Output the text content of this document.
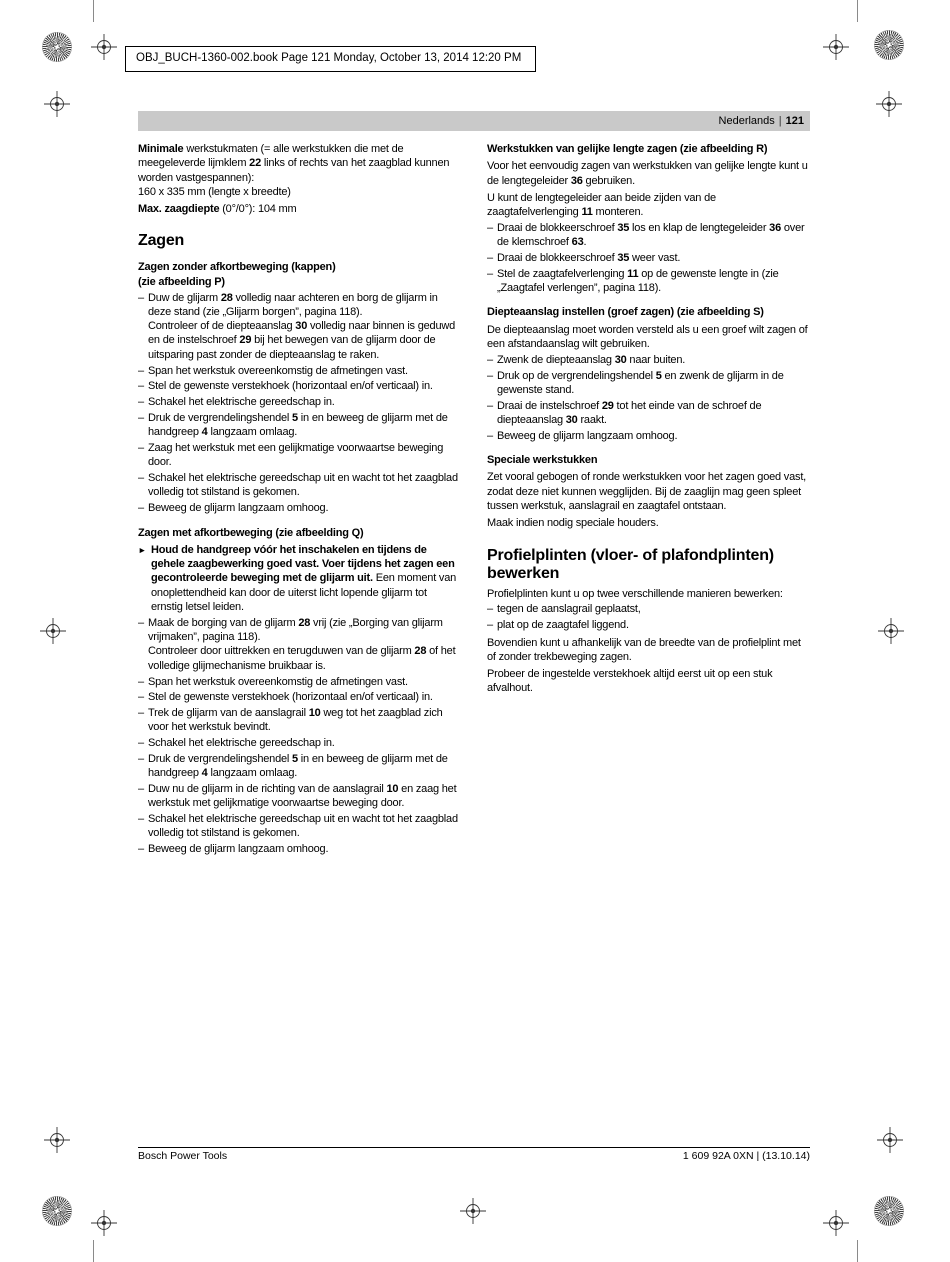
OBJ_BUCH-1360-002.book Page 121 Monday, October 13, 2014 12:20 PM
Nederlands | 121
Minimale werkstukmaten (= alle werkstukken die met de meegeleverde lijmklem 22 links of rechts van het zaagblad kunnen worden vastgespannen):
160 x 335 mm (lengte x breedte)
Max. zaagdiepte (0°/0°): 104 mm
Zagen
Zagen zonder afkortbeweging (kappen)
(zie afbeelding P)
– Duw de glijarm 28 volledig naar achteren en borg de glijarm in deze stand (zie „Glijarm borgen”, pagina 118).
Controleer of de diepteaanslag 30 volledig naar binnen is geduwd en de instelschroef 29 bij het bewegen van de glijarm door de uitsparing past zonder de diepteaanslag te raken.
– Span het werkstuk overeenkomstig de afmetingen vast.
– Stel de gewenste verstekhoek (horizontaal en/of verticaal) in.
– Schakel het elektrische gereedschap in.
– Druk de vergrendelingshendel 5 in en beweeg de glijarm met de handgreep 4 langzaam omlaag.
– Zaag het werkstuk met een gelijkmatige voorwaartse beweging door.
– Schakel het elektrische gereedschap uit en wacht tot het zaagblad volledig tot stilstand is gekomen.
– Beweeg de glijarm langzaam omhoog.
Zagen met afkortbeweging (zie afbeelding Q)
► Houd de handgreep vóór het inschakelen en tijdens de gehele zaagbewerking goed vast. Voer tijdens het zagen een gecontroleerde beweging met de glijarm uit. Een moment van onoplettendheid kan door de uiterst licht lopende glijarm tot ernstig letsel leiden.
– Maak de borging van de glijarm 28 vrij (zie „Borging van glijarm vrijmaken”, pagina 118).
Controleer door uittrekken en terugduwen van de glijarm 28 of het volledige glijmechanisme bruikbaar is.
– Span het werkstuk overeenkomstig de afmetingen vast.
– Stel de gewenste verstekhoek (horizontaal en/of verticaal) in.
– Trek de glijarm van de aanslagrail 10 weg tot het zaagblad zich voor het werkstuk bevindt.
– Schakel het elektrische gereedschap in.
– Druk de vergrendelingshendel 5 in en beweeg de glijarm met de handgreep 4 langzaam omlaag.
– Duw nu de glijarm in de richting van de aanslagrail 10 en zaag het werkstuk met gelijkmatige voorwaartse beweging door.
– Schakel het elektrische gereedschap uit en wacht tot het zaagblad volledig tot stilstand is gekomen.
– Beweeg de glijarm langzaam omhoog.
Werkstukken van gelijke lengte zagen (zie afbeelding R)
Voor het eenvoudig zagen van werkstukken van gelijke lengte kunt u de lengtegeleider 36 gebruiken.
U kunt de lengtegeleider aan beide zijden van de zaagtafelverlenging 11 monteren.
– Draai de blokkeerschroef 35 los en klap de lengtegeleider 36 over de klemschroef 63.
– Draai de blokkeerschroef 35 weer vast.
– Stel de zaagtafelverlenging 11 op de gewenste lengte in (zie „Zaagtafel verlengen”, pagina 118).
Diepteaanslag instellen (groef zagen) (zie afbeelding S)
De diepteaanslag moet worden versteld als u een groef wilt zagen of een afstandaanslag wilt gebruiken.
– Zwenk de diepteaanslag 30 naar buiten.
– Druk op de vergrendelingshendel 5 en zwenk de glijarm in de gewenste stand.
– Draai de instelschroef 29 tot het einde van de schroef de diepteaanslag 30 raakt.
– Beweeg de glijarm langzaam omhoog.
Speciale werkstukken
Zet vooral gebogen of ronde werkstukken voor het zagen goed vast, zodat deze niet kunnen wegglijden. Bij de zaaglijn mag geen spleet tussen werkstuk, aanslagrail en zaagtafel ontstaan.
Maak indien nodig speciale houders.
Profielplinten (vloer- of plafondplinten)
bewerken
Profielplinten kunt u op twee verschillende manieren bewerken:
– tegen de aanslagrail geplaatst,
– plat op de zaagtafel liggend.
Bovendien kunt u afhankelijk van de breedte van de profielplint met of zonder trekbeweging zagen.
Probeer de ingestelde verstekhoek altijd eerst uit op een stuk afvalhout.
Bosch Power Tools	1 609 92A 0XN | (13.10.14)
